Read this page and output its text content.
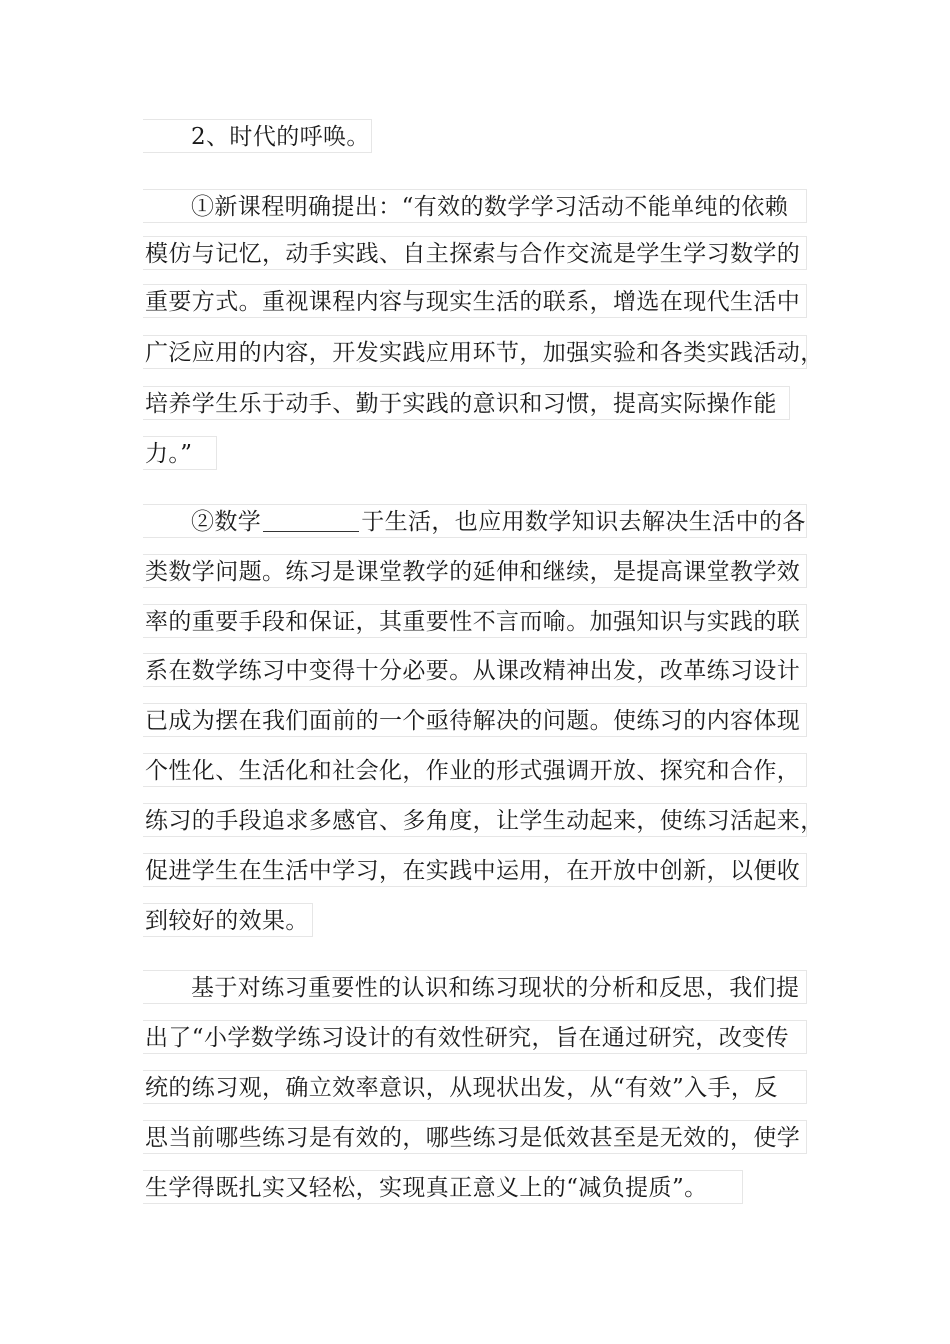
2、时代的呼唤。
①新课程明确提出：“有效的数学学习活动不能单纯的依赖
模仿与记忆，动手实践、自主探索与合作交流是学生学习数学的
重要方式。重视课程内容与现实生活的联系，增选在现代生活中
广泛应用的内容，开发实践应用环节，加强实验和各类实践活动，
培养学生乐于动手、勤于实践的意识和习惯，提高实际操作能
力。”
②数学	于生活，也应用数学知识去解决生活中的各
类数学问题。练习是课堂教学的延伸和继续，是提高课堂教学效
率的重要手段和保证，其重要性不言而喻。加强知识与实践的联
系在数学练习中变得十分必要。从课改精神出发，改革练习设计
已成为摆在我们面前的一个亟待解决的问题。使练习的内容体现
个性化、生活化和社会化，作业的形式强调开放、探究和合作，
练习的手段追求多感官、多角度，让学生动起来，使练习活起来，
促进学生在生活中学习，在实践中运用，在开放中创新，以便收
到较好的效果。
基于对练习重要性的认识和练习现状的分析和反思，我们提
出了“小学数学练习设计的有效性研究，旨在通过研究，改变传
统的练习观，确立效率意识，从现状出发，从“有效”入手，反
思当前哪些练习是有效的，哪些练习是低效甚至是无效的，使学
生学得既扎实又轻松，实现真正意义上的“减负提质”。
